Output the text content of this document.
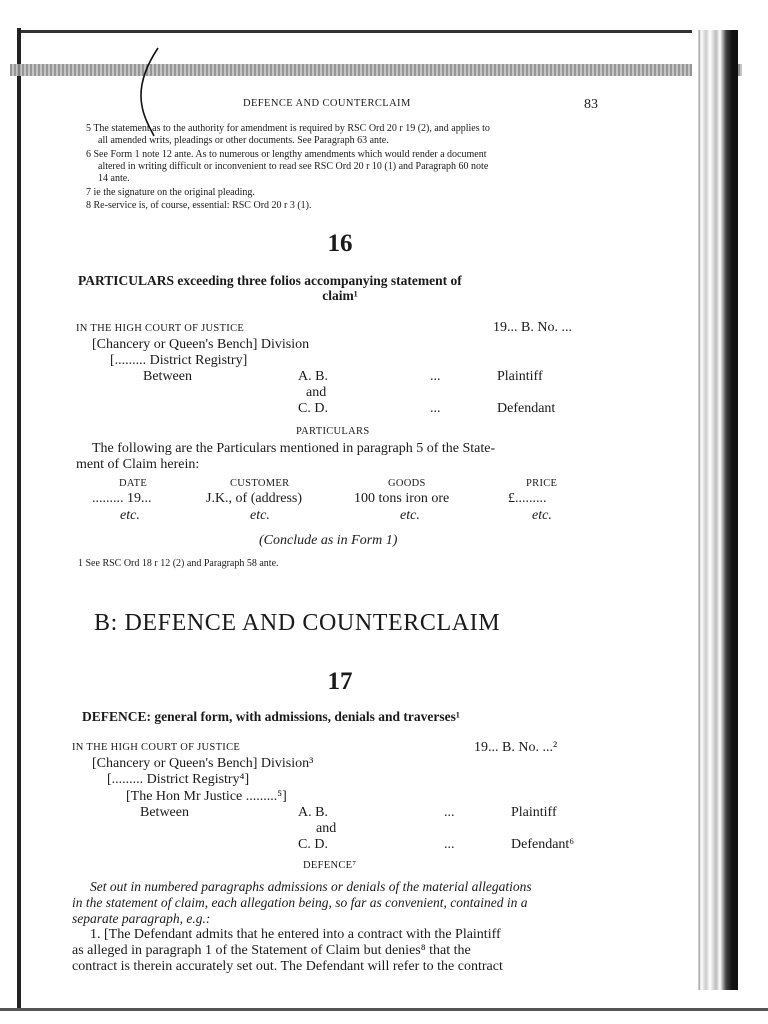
DEFENCE AND COUNTERCLAIM	83
5 The statement as to the authority for amendment is required by RSC Ord 20 r 19 (2), and applies to
all amended writs, pleadings or other documents. See Paragraph 63 ante.
6 See Form 1 note 12 ante. As to numerous or lengthy amendments which would render a document
altered in writing difficult or inconvenient to read see RSC Ord 20 r 10 (1) and Paragraph 60 note
14 ante.
7 ie the signature on the original pleading.
8 Re-service is, of course, essential: RSC Ord 20 r 3 (1).
16
PARTICULARS exceeding three folios accompanying statement of
claim¹
IN THE HIGH COURT OF JUSTICE	19... B. No. ...
[Chancery or Queen's Bench] Division
[......... District Registry]
Between	A. B.	...	Plaintiff
and
C. D.	...	Defendant
PARTICULARS
The following are the Particulars mentioned in paragraph 5 of the State-
ment of Claim herein:
DATE	CUSTOMER	GOODS	PRICE
......... 19...	J.K., of (address)	100 tons iron ore	£.........
etc.	etc.	etc.	etc.
(Conclude as in Form 1)
1 See RSC Ord 18 r 12 (2) and Paragraph 58 ante.
B: DEFENCE AND COUNTERCLAIM
17
DEFENCE: general form, with admissions, denials and traverses¹
IN THE HIGH COURT OF JUSTICE	19... B. No. ...²
[Chancery or Queen's Bench] Division³
[......... District Registry⁴]
[The Hon Mr Justice .........⁵]
Between	A. B.	...	Plaintiff
and
C. D.	...	Defendant⁶
DEFENCE⁷
Set out in numbered paragraphs admissions or denials of the material allegations
in the statement of claim, each allegation being, so far as convenient, contained in a
separate paragraph, e.g.:
1. [The Defendant admits that he entered into a contract with the Plaintiff
as alleged in paragraph 1 of the Statement of Claim but denies⁸ that the
contract is therein accurately set out. The Defendant will refer to the contract
